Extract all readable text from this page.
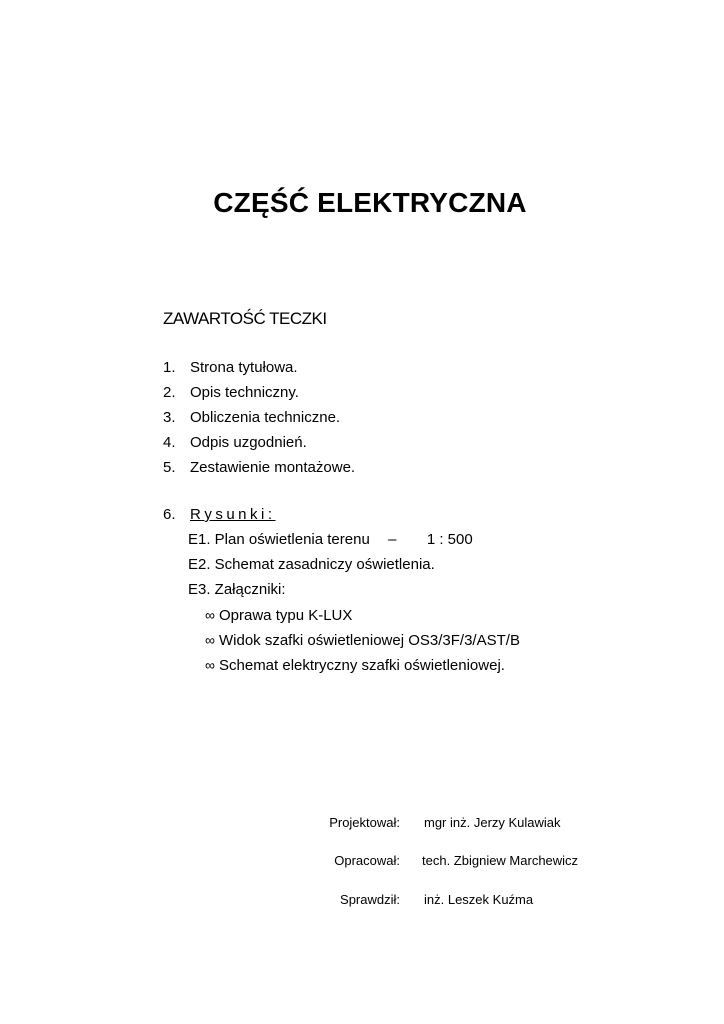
CZĘŚĆ ELEKTRYCZNA
ZAWARTOŚĆ TECZKI
1. Strona tytułowa.
2. Opis techniczny.
3. Obliczenia techniczne.
4. Odpis uzgodnień.
5. Zestawienie montażowe.
6. Rysunki:
E1. Plan oświetlenia terenu – 1 : 500
E2. Schemat zasadniczy oświetlenia.
E3. Załączniki:
∞ Oprawa typu K-LUX
∞ Widok szafki oświetleniowej OS3/3F/3/AST/B
∞ Schemat elektryczny szafki oświetleniowej.
Projektował: mgr inż. Jerzy Kulawiak
Opracował: tech. Zbigniew Marchewicz
Sprawdził: inż. Leszek Kuźma
